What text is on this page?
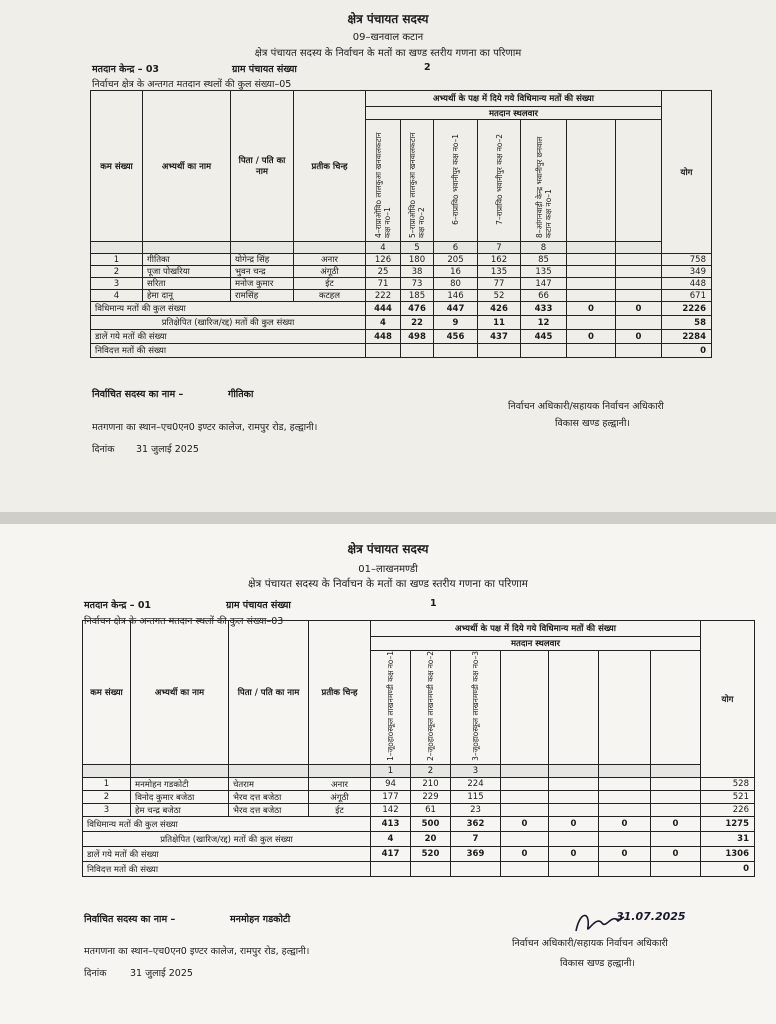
क्षेत्र पंचायत सदस्य
09–खनवाल कटान
क्षेत्र पंचायत सदस्य के निर्वाचन के मतों का खण्ड स्तरीय गणना का परिणाम
मतदान केन्द्र – 03	ग्राम पंचायत संख्या	2
निर्वाचन क्षेत्र के अन्तगत मतदान स्थलों की कुल संख्या–05
कम संख्या	अभ्यर्थी का नाम	पिता / पति का नाम	प्रतीक चिन्ह	अभ्यर्थी के पक्ष में दिये गये विधिमान्य मतों की संख्या							योग
				मतदान स्थलवार							
				4–राप्राओविo लालकुआ खनवालकटान कक्ष नo–1	5–राप्राओविo लालकुआ खनवालकटान कक्ष नo–2	6–राप्राविo भवानीपुर कक्ष नo–1	7–राप्राविo भवानीपुर कक्ष नo–2	8–आंगनवाड़ी केन्द्र भवानीपुर छनवाल कटान कक्ष नo–1			
				4	5	6	7	8			
1	गीतिका	योगेन्द्र सिंह	अनार	126	180	205	162	85			758
2	पूजा पोखरिया	भुवन चन्द्र	अंगूठी	25	38	16	135	135			349
3	सरिता	मनोज कुमार	ईट	71	73	80	77	147			448
4	हेमा दानू	रामसिंह	कटहल	222	185	146	52	66			671
विधिमान्य मतों की कुल संख्या				444	476	447	426	433	0	0	2226
प्रतिक्षेपित (खारिज/रद्द) मतों की कुल संख्या				4	22	9	11	12			58
डालें गये मतों की संख्या				448	498	456	437	445	0	0	2284
निविदत्त मतों की संख्या											0
निर्वाचित सदस्य का नाम –	गीतिका
निर्वाचन अधिकारी/सहायक निर्वाचन अधिकारी
विकास खण्ड हल्द्वानी।
मतगणना का स्थान–एच0एन0 इण्टर कालेज, रामपुर रोड, हल्द्वानी।
दिनांक 31 जुलाई 2025
क्षेत्र पंचायत सदस्य
01–लाखनमण्डी
क्षेत्र पंचायत सदस्य के निर्वाचन के मतों का खण्ड स्तरीय गणना का परिणाम
मतदान केन्द्र – 01	ग्राम पंचायत संख्या	1
निर्वाचन क्षेत्र के अन्तगत मतदान स्थलों की कुल संख्या–03
कम संख्या	अभ्यर्थी का नाम	पिता / पति का नाम	प्रतीक चिन्ह	अभ्यर्थी के पक्ष में दिये गये विधिमान्य मतों की संख्या							योग
				मतदान स्थलवार							
				1–जूoहाoस्कूल लाखनमण्डी कक्ष नo–1	2–जूoहाoस्कूल लाखनमण्डी कक्ष नo–2	3–जूoहाoस्कूल लाखनमण्डी कक्ष नo–3					
				1	2	3					
1	मनमोहन गडकोटी	चेतराम	अनार	94	210	224					528
2	विनोद कुमार बजेठा	भैरव दत्त बजेठा	अंगूठी	177	229	115					521
3	हेम चन्द्र बजेठा	भैरव दत्त बजेठा	ईट	142	61	23					226
विधिमान्य मतों की कुल संख्या				413	500	362	0	0	0	0	1275
प्रतिक्षेपित (खारिज/रद्द) मतों की कुल संख्या				4	20	7					31
डालें गये मतों की संख्या				417	520	369	0	0	0	0	1306
निविदत्त मतों की संख्या											0
निर्वाचित सदस्य का नाम –	मनमोहन गडकोटी	31.07.2025
निर्वाचन अधिकारी/सहायक निर्वाचन अधिकारी
मतगणना का स्थान–एच0एन0 इण्टर कालेज, रामपुर रोड, हल्द्वानी।
विकास खण्ड हल्द्वानी।
दिनांक 31 जुलाई 2025
